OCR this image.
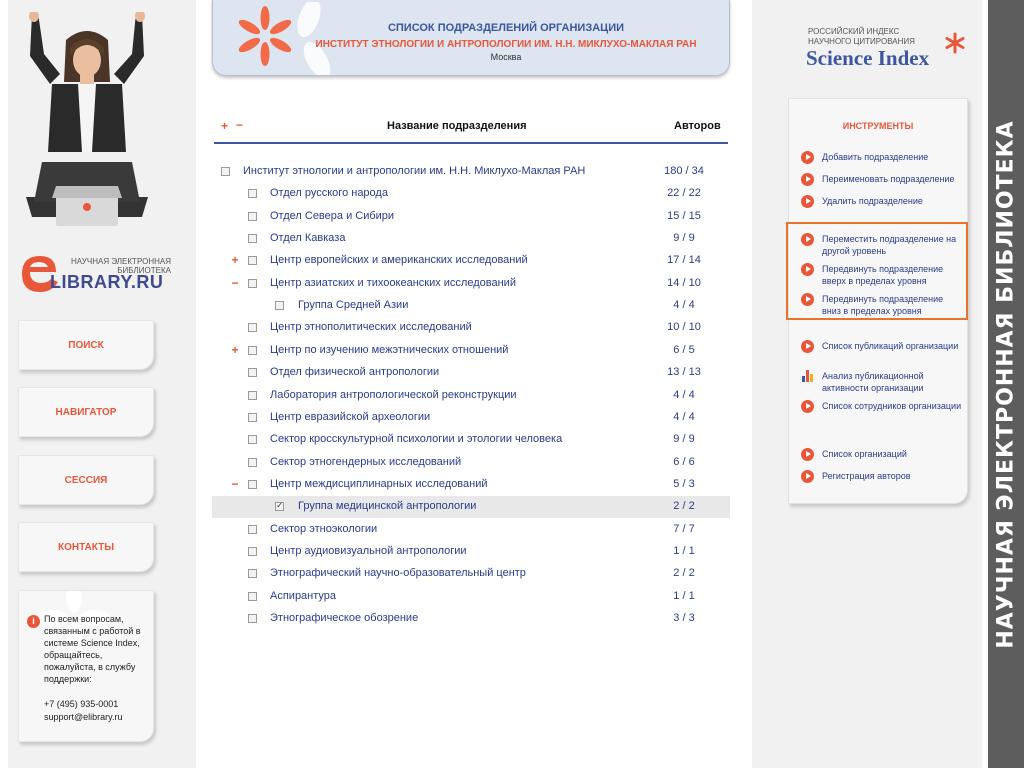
НАУЧНАЯ ЭЛЕКТРОННАЯ БИБЛИОТЕКА
НАУЧНАЯ ЭЛЕКТРОННАЯ
БИБЛИОТЕКА
LIBRARY.RU
ПОИСК
НАВИГАТОР
СЕССИЯ
КОНТАКТЫ
i	По всем вопросам, связанным с работой в системе Science Index, обращайтесь, пожалуйста, в службу поддержки:
+7 (495) 935-0001
support@elibrary.ru
СПИСОК ПОДРАЗДЕЛЕНИЙ ОРГАНИЗАЦИИ
ИНСТИТУТ ЭТНОЛОГИИ И АНТРОПОЛОГИИ ИМ. Н.Н. МИКЛУХО-МАКЛАЯ РАН
Москва
+ −	Название подразделения	Авторов
Институт этнологии и антропологии им. Н.Н. Миклухо-Маклая РАН	180 / 34
Отдел русского народа	22 / 22
Отдел Севера и Сибири	15 / 15
Отдел Кавказа	9 / 9
+	Центр европейских и американских исследований	17 / 14
−	Центр азиатских и тихоокеанских исследований	14 / 10
Группа Средней Азии	4 / 4
Центр этнополитических исследований	10 / 10
+	Центр по изучению межэтнических отношений	6 / 5
Отдел физической антропологии	13 / 13
Лаборатория антропологической реконструкции	4 / 4
Центр евразийской археологии	4 / 4
Сектор кросскультурной психологии и этологии человека	9 / 9
Сектор этногендерных исследований	6 / 6
−	Центр междисциплинарных исследований	5 / 3
✓
Группа медицинской антропологии	2 / 2
Сектор этноэкологии	7 / 7
Центр аудиовизуальной антропологии	1 / 1
Этнографический научно-образовательный центр	2 / 2
Аспирантура	1 / 1
Этнографическое обозрение	3 / 3
РОССИЙСКИЙ ИНДЕКС
НАУЧНОГО ЦИТИРОВАНИЯ
Science Index
ИНСТРУМЕНТЫ
Добавить подразделение
Переименовать подразделение
Удалить подразделение
Переместить подразделение на другой уровень
Передвинуть подразделение вверх в пределах уровня
Передвинуть подразделение вниз в пределах уровня
Список публикаций организации
Анализ публикационной активности организации
Список сотрудников организации
Список организаций
Регистрация авторов
